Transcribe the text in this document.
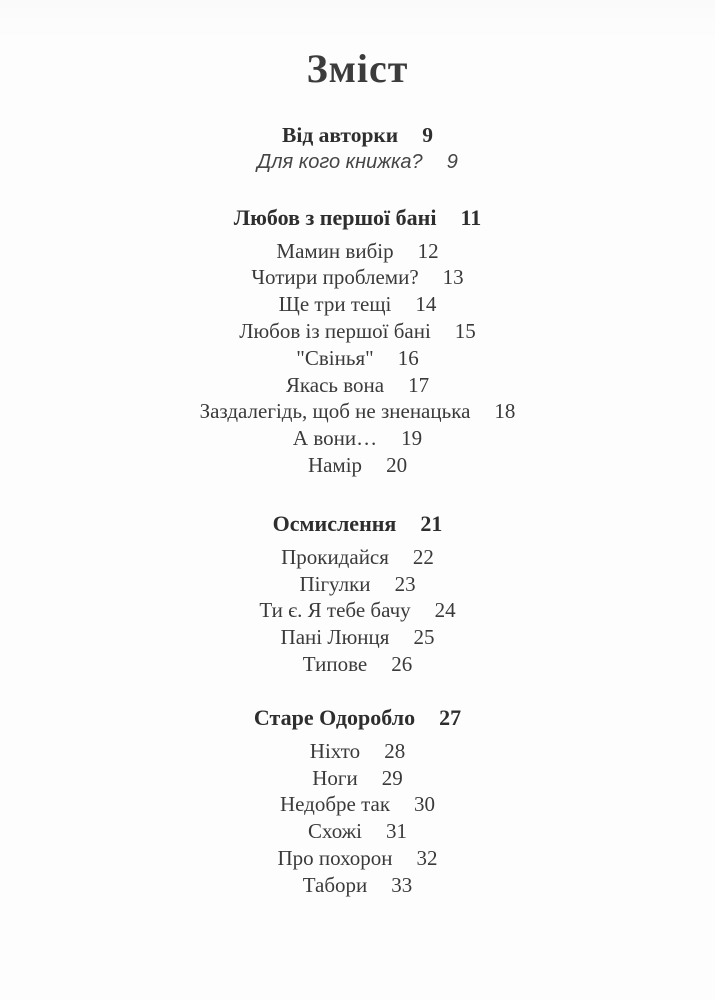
Зміст
Від авторки 9
Для кого книжка? 9
Любов з першої бані 11
Мамин вибір 12
Чотири проблеми? 13
Ще три тещі 14
Любов із першої бані 15
"Свінья" 16
Якась вона 17
Заздалегідь, щоб не зненацька 18
А вони… 19
Намір 20
Осмислення 21
Прокидайся 22
Пігулки 23
Ти є. Я тебе бачу 24
Пані Люнця 25
Типове 26
Старе Одоробло 27
Ніхто 28
Ноги 29
Недобре так 30
Схожі 31
Про похорон 32
Табори 33
